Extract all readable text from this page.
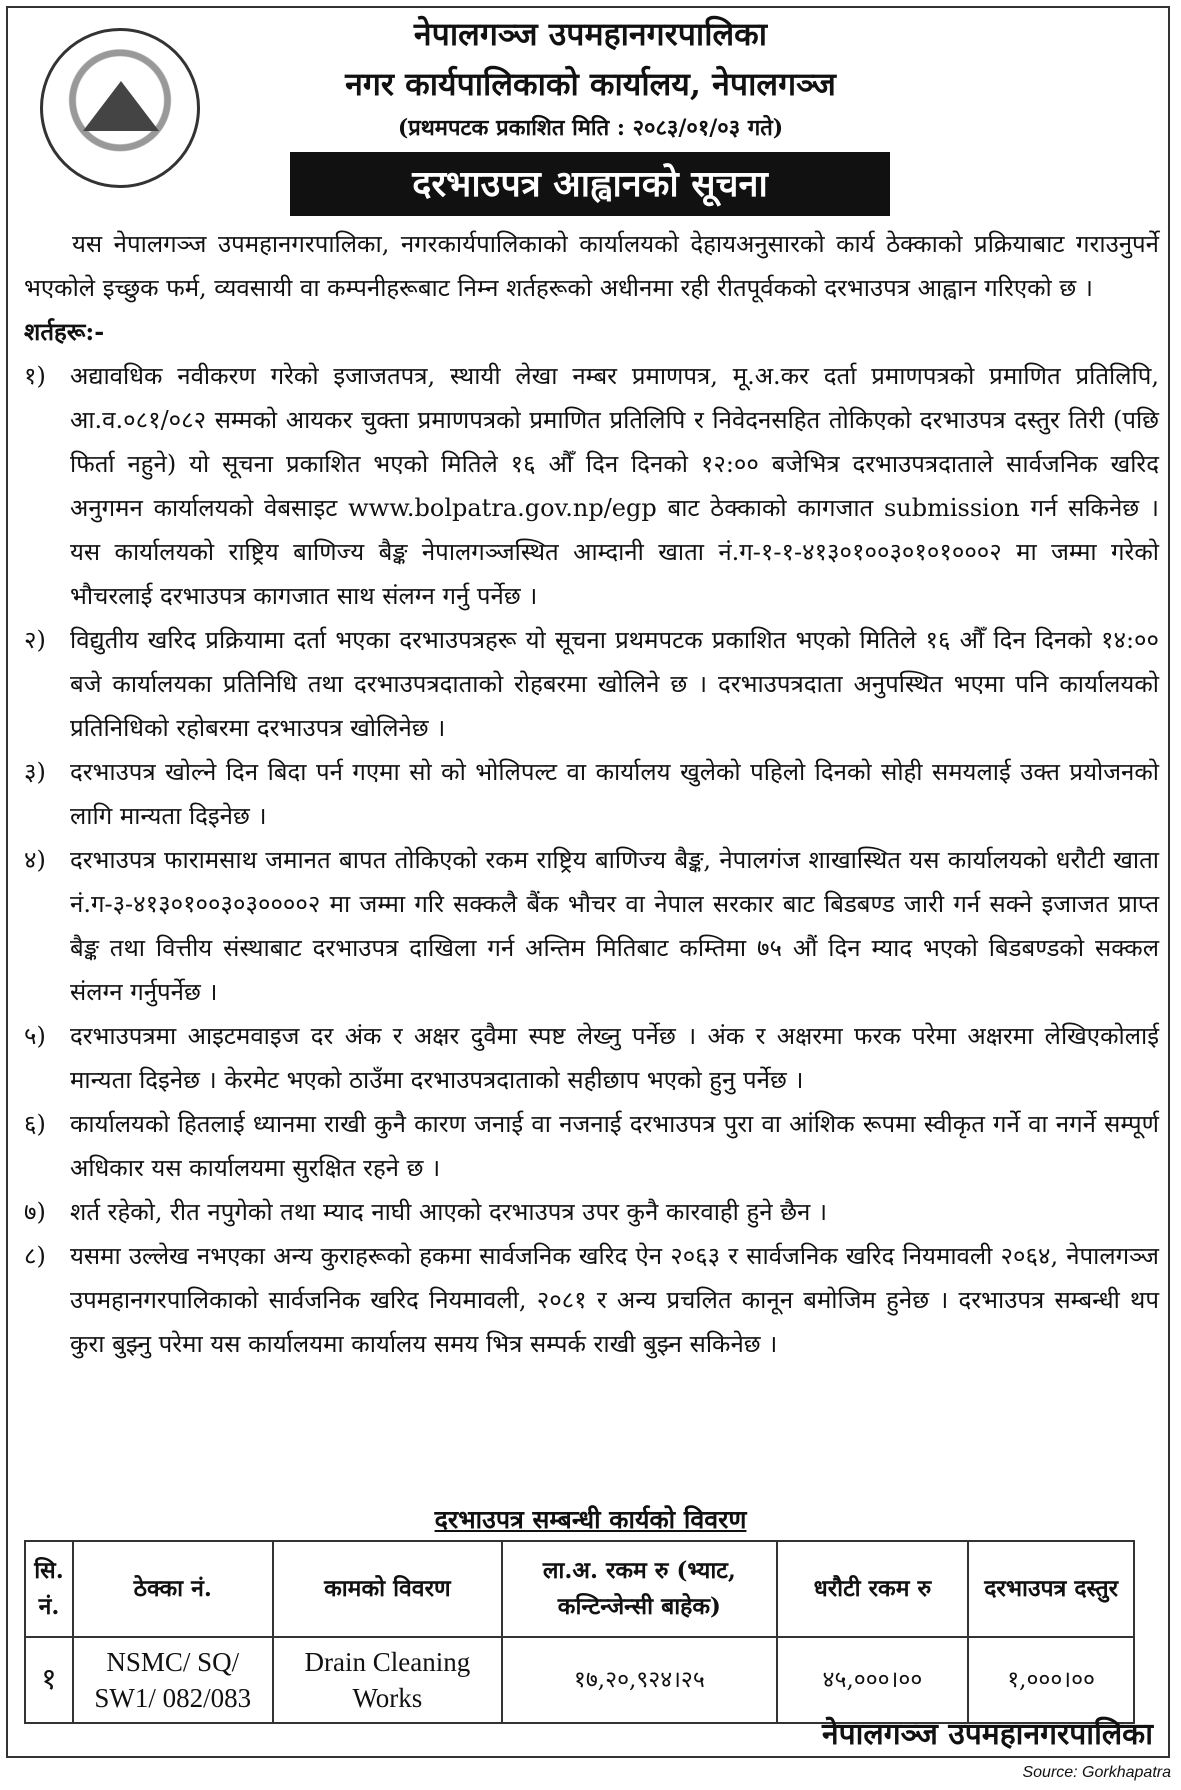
नेपालगञ्ज उपमहानगरपालिका
नगर कार्यपालिकाको कार्यालय, नेपालगञ्ज
(प्रथमपटक प्रकाशित मिति : २०८३/०१/०३ गते)
दरभाउपत्र आह्वानको सूचना

यस नेपालगञ्ज उपमहानगरपालिका, नगरकार्यपालिकाको कार्यालयको देहायअनुसारको कार्य ठेक्काको प्रक्रियाबाट गराउनुपर्ने भएकोले इच्छुक फर्म, व्यवसायी वा कम्पनीहरूबाट निम्न शर्तहरूको अधीनमा रही रीतपूर्वकको दरभाउपत्र आह्वान गरिएको छ ।

शर्तहरू:-

१)	अद्यावधिक नवीकरण गरेको इजाजतपत्र, स्थायी लेखा नम्बर प्रमाणपत्र, मू.अ.कर दर्ता प्रमाणपत्रको प्रमाणित प्रतिलिपि, आ.व.०८१/०८२ सम्मको आयकर चुक्ता प्रमाणपत्रको प्रमाणित प्रतिलिपि र निवेदनसहित तोकिएको दरभाउपत्र दस्तुर तिरी (पछि फिर्ता नहुने) यो सूचना प्रकाशित भएको मितिले १६ औँ दिन दिनको १२:०० बजेभित्र दरभाउपत्रदाताले सार्वजनिक खरिद अनुगमन कार्यालयको वेबसाइट www.bolpatra.gov.np/egp बाट ठेक्काको कागजात submission गर्न सकिनेछ । यस कार्यालयको राष्ट्रिय बाणिज्य बैङ्क नेपालगञ्जस्थित आम्दानी खाता नं.ग-१-१-४१३०१००३०१०१०००२ मा जम्मा गरेको भौचरलाई दरभाउपत्र कागजात साथ संलग्न गर्नु पर्नेछ ।
२)	विद्युतीय खरिद प्रक्रियामा दर्ता भएका दरभाउपत्रहरू यो सूचना प्रथमपटक प्रकाशित भएको मितिले १६ औँ दिन दिनको १४:०० बजे कार्यालयका प्रतिनिधि तथा दरभाउपत्रदाताको रोहबरमा खोलिने छ । दरभाउपत्रदाता अनुपस्थित भएमा पनि कार्यालयको प्रतिनिधिको रहोबरमा दरभाउपत्र खोलिनेछ ।
३)	दरभाउपत्र खोल्ने दिन बिदा पर्न गएमा सो को भोलिपल्ट वा कार्यालय खुलेको पहिलो दिनको सोही समयलाई उक्त प्रयोजनको लागि मान्यता दिइनेछ ।
४)	दरभाउपत्र फारामसाथ जमानत बापत तोकिएको रकम राष्ट्रिय बाणिज्य बैङ्क, नेपालगंज शाखास्थित यस कार्यालयको धरौटी खाता नं.ग-३-४१३०१००३०३००००२ मा जम्मा गरि सक्कलै बैंक भौचर वा नेपाल सरकार बाट बिडबण्ड जारी गर्न सक्ने इजाजत प्राप्त बैङ्क तथा वित्तीय संस्थाबाट दरभाउपत्र दाखिला गर्न अन्तिम मितिबाट कम्तिमा ७५ औं दिन म्याद भएको बिडबण्डको सक्कल संलग्न गर्नुपर्नेछ ।
५)	दरभाउपत्रमा आइटमवाइज दर अंक र अक्षर दुवैमा स्पष्ट लेख्नु पर्नेछ । अंक र अक्षरमा फरक परेमा अक्षरमा लेखिएकोलाई मान्यता दिइनेछ । केरमेट भएको ठाउँमा दरभाउपत्रदाताको सहीछाप भएको हुनु पर्नेछ ।
६)	कार्यालयको हितलाई ध्यानमा राखी कुनै कारण जनाई वा नजनाई दरभाउपत्र पुरा वा आंशिक रूपमा स्वीकृत गर्ने वा नगर्ने सम्पूर्ण अधिकार यस कार्यालयमा सुरक्षित रहने छ ।
७)	शर्त रहेको, रीत नपुगेको तथा म्याद नाघी आएको दरभाउपत्र उपर कुनै कारवाही हुने छैन ।
८)	यसमा उल्लेख नभएका अन्य कुराहरूको हकमा सार्वजनिक खरिद ऐन २०६३ र सार्वजनिक खरिद नियमावली २०६४, नेपालगञ्ज उपमहानगरपालिकाको सार्वजनिक खरिद नियमावली, २०८१ र अन्य प्रचलित कानून बमोजिम हुनेछ । दरभाउपत्र सम्बन्धी थप कुरा बुझ्नु परेमा यस कार्यालयमा कार्यालय समय भित्र सम्पर्क राखी बुझ्न सकिनेछ ।
दरभाउपत्र सम्बन्धी कार्यको विवरण
सि. नं.	ठेक्का नं.	कामको विवरण	ला.अ. रकम रु (भ्याट, कन्टिन्जेन्सी बाहेक)	धरौटी रकम रु	दरभाउपत्र दस्तुर
१	NSMC/ SQ/ SW1/ 082/083	Drain Cleaning Works	१७,२०,९२४।२५	४५,०००।००	१,०००।००
नेपालगञ्ज उपमहानगरपालिका
Source: Gorkhapatra
